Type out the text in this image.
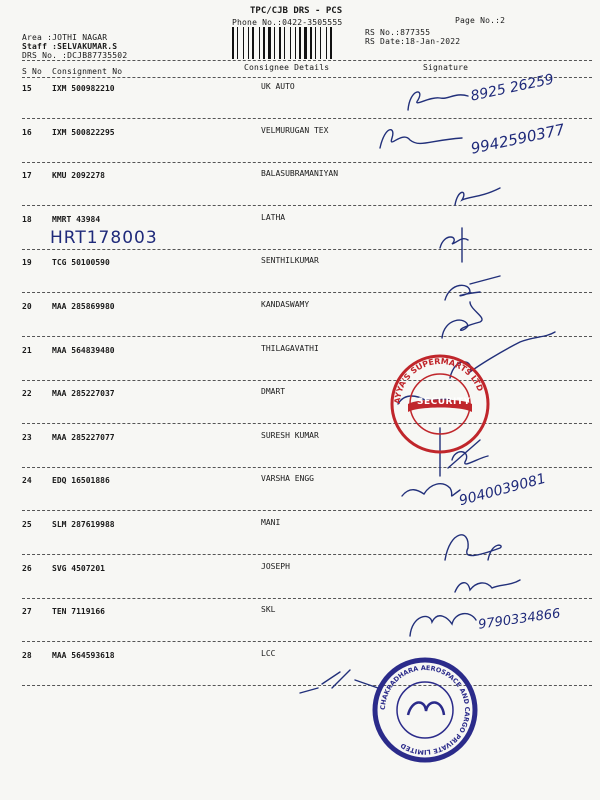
TPC/CJB DRS - PCS
Phone No.:0422-3505555	Page No.:2
Area :JOTHI NAGAR
Staff :SELVAKUMAR.S
DRS No. :DCJB87735502
RS No.:877355
RS Date:18-Jan-2022
S No Consignment No	Consignee Details	Signature
15	IXM 500982210	UK AUTO
16	IXM 500822295	VELMURUGAN TEX
17	KMU 2092278	BALASUBRAMANIYAN
18	MMRT 43984	LATHA
19	TCG 50100590	SENTHILKUMAR
20	MAA 285869980	KANDASWAMY
21	MAA 564839480	THILAGAVATHI
22	MAA 285227037	DMART
23	MAA 285227077	SURESH KUMAR
24	EDQ 16501886	VARSHA ENGG
25	SLM 287619988	MANI
26	SVG 4507201	JOSEPH
27	TEN 7119166	SKL
28	MAA 564593618	LCC
HRT178003
8925 26259
9942590377
9040039081
9790334866
AYYA'S SUPERMARTS LTD
SECURITY
CHAKRADHARA AEROSPACE AND CARGO PRIVATE LIMITED
